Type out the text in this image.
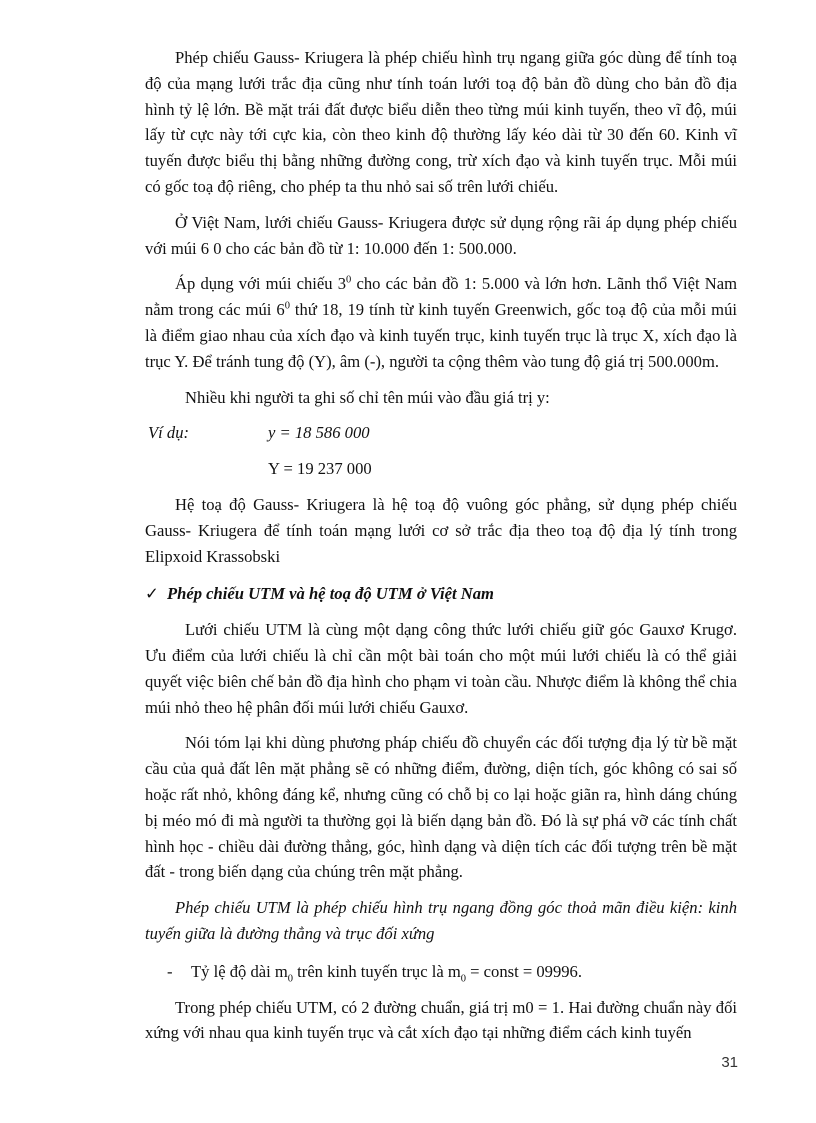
Phép chiếu Gauss- Kriugera là phép chiếu hình trụ ngang giữa góc dùng để tính toạ độ của mạng lưới trắc địa cũng như tính toán lưới toạ độ bản đồ dùng cho bản đồ địa hình tỷ lệ lớn. Bề mặt trái đất được biểu diễn theo từng múi kinh tuyến, theo vĩ độ, múi lấy từ cực này tới cực kia, còn theo kinh độ thường lấy kéo dài từ 30 đến 60. Kinh vĩ tuyến được biểu thị bằng những đường cong, trừ xích đạo và kinh tuyến trục. Mỗi múi có gốc toạ độ riêng, cho phép ta thu nhỏ sai số trên lưới chiếu.

Ở Việt Nam, lưới chiếu Gauss- Kriugera được sử dụng rộng rãi áp dụng phép chiếu với múi 6 0 cho các bản đồ từ 1: 10.000 đến 1: 500.000.

Áp dụng với múi chiếu $3^0$ cho các bản đồ 1: 5.000 và lớn hơn. Lãnh thổ Việt Nam nằm trong các múi $6^0$ thứ 18, 19 tính từ kinh tuyến Greenwich, gốc toạ độ của mỗi múi là điểm giao nhau của xích đạo và kinh tuyến trục, kinh tuyến trục là trục X, xích đạo là trục Y. Để tránh tung độ (Y), âm (-), người ta cộng thêm vào tung độ giá trị 500.000m.

Nhiều khi người ta ghi số chỉ tên múi vào đầu giá trị y:

Ví dụ:	y = 18 586 000
Y = 19 237 000

Hệ toạ độ Gauss- Kriugera là hệ toạ độ vuông góc phẳng, sử dụng phép chiếu Gauss- Kriugera để tính toán mạng lưới cơ sở trắc địa theo toạ độ địa lý tính trong Elipxoid Krassobski

✓ Phép chiếu UTM và hệ toạ độ UTM ở Việt Nam

Lưới chiếu UTM là cùng một dạng công thức lưới chiếu giữ góc Gauxơ Krugơ. Ưu điểm của lưới chiếu là chỉ cần một bài toán cho một múi lưới chiếu là có thể giải quyết việc biên chế bản đồ địa hình cho phạm vi toàn cầu. Nhược điểm là không thể chia múi nhỏ theo hệ phân đối múi lưới chiếu Gauxơ.

Nói tóm lại khi dùng phương pháp chiếu đồ chuyển các đối tượng địa lý từ bề mặt cầu của quả đất lên mặt phẳng sẽ có những điểm, đường, diện tích, góc không có sai số hoặc rất nhỏ, không đáng kể, nhưng cũng có chỗ bị co lại hoặc giãn ra, hình dáng chúng bị méo mó đi mà người ta thường gọi là biến dạng bản đồ. Đó là sự phá vỡ các tính chất hình học - chiều dài đường thẳng, góc, hình dạng và diện tích các đối tượng trên bề mặt đất - trong biến dạng của chúng trên mặt phẳng.

Phép chiếu UTM là phép chiếu hình trụ ngang đồng góc thoả mãn điều kiện: kinh tuyến giữa là đường thẳng và trục đối xứng

-	Tỷ lệ độ dài $m_0$ trên kinh tuyến trục là $m_0$ = const = 09996.

Trong phép chiếu UTM, có 2 đường chuẩn, giá trị m0 = 1. Hai đường chuẩn này đối xứng với nhau qua kinh tuyến trục và cắt xích đạo tại những điểm cách kinh tuyến

31
